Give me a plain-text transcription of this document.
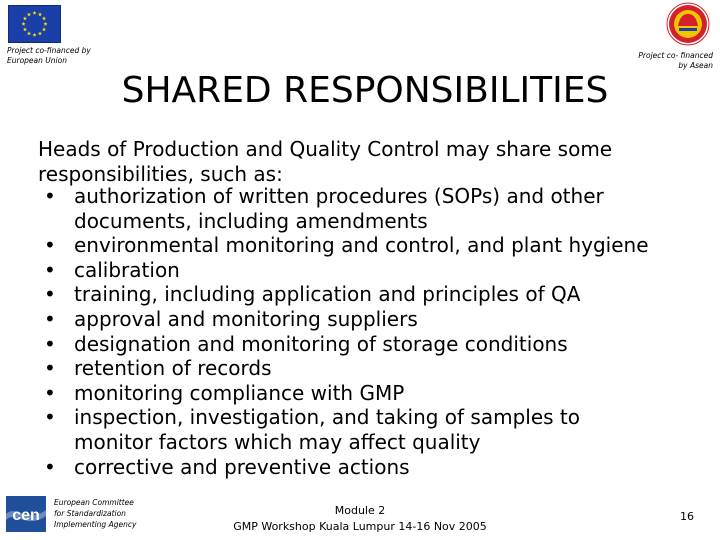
Project co-financed by
European Union
Project co- financed
by Asean
SHARED RESPONSIBILITIES
Heads of Production and Quality Control may share some
responsibilities, such as:
• authorization of written procedures (SOPs) and other
documents, including amendments
• environmental monitoring and control, and plant hygiene
• calibration
• training, including application and principles of QA
• approval and monitoring suppliers
• designation and monitoring of storage conditions
• retention of records
• monitoring compliance with GMP
• inspection, investigation, and taking of samples to
monitor factors which may affect quality
• corrective and preventive actions
cen
European Committee
for Standardization
Implementing Agency
Module 2
GMP Workshop Kuala Lumpur 14-16 Nov 2005
16
